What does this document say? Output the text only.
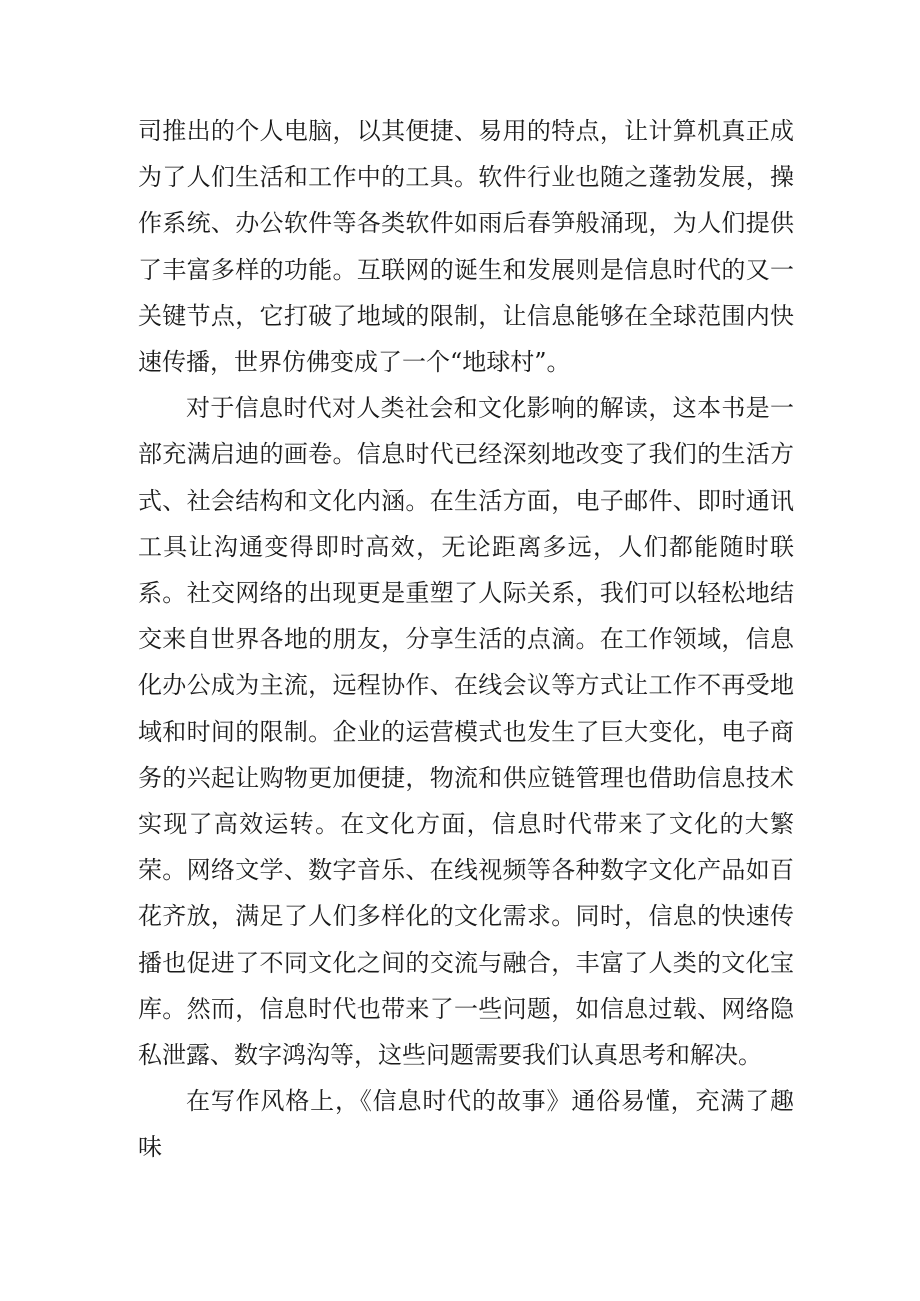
司推出的个人电脑，以其便捷、易用的特点，让计算机真正成为了人们生活和工作中的工具。软件行业也随之蓬勃发展，操作系统、办公软件等各类软件如雨后春笋般涌现，为人们提供了丰富多样的功能。互联网的诞生和发展则是信息时代的又一关键节点，它打破了地域的限制，让信息能够在全球范围内快速传播，世界仿佛变成了一个“地球村”。

对于信息时代对人类社会和文化影响的解读，这本书是一部充满启迪的画卷。信息时代已经深刻地改变了我们的生活方式、社会结构和文化内涵。在生活方面，电子邮件、即时通讯工具让沟通变得即时高效，无论距离多远，人们都能随时联系。社交网络的出现更是重塑了人际关系，我们可以轻松地结交来自世界各地的朋友，分享生活的点滴。在工作领域，信息化办公成为主流，远程协作、在线会议等方式让工作不再受地域和时间的限制。企业的运营模式也发生了巨大变化，电子商务的兴起让购物更加便捷，物流和供应链管理也借助信息技术实现了高效运转。在文化方面，信息时代带来了文化的大繁荣。网络文学、数字音乐、在线视频等各种数字文化产品如百花齐放，满足了人们多样化的文化需求。同时，信息的快速传播也促进了不同文化之间的交流与融合，丰富了人类的文化宝库。然而，信息时代也带来了一些问题，如信息过载、网络隐私泄露、数字鸿沟等，这些问题需要我们认真思考和解决。

在写作风格上，《信息时代的故事》通俗易懂，充满了趣味
